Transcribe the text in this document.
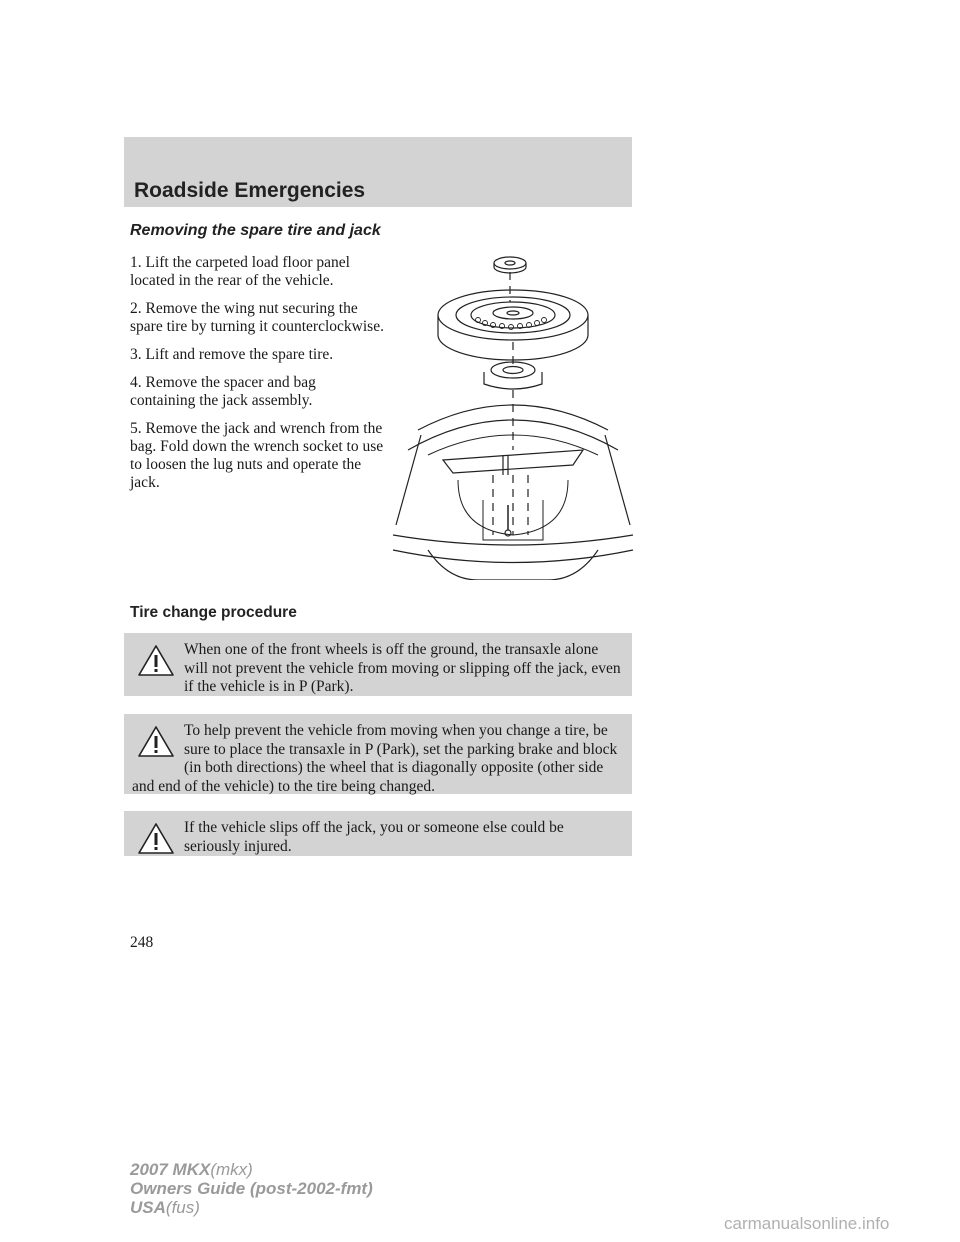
Roadside Emergencies
Removing the spare tire and jack

1. Lift the carpeted load floor panel located in the rear of the vehicle.

2. Remove the wing nut securing the spare tire by turning it counterclockwise.

3. Lift and remove the spare tire.

4. Remove the spacer and bag containing the jack assembly.

5. Remove the jack and wrench from the bag. Fold down the wrench socket to use to loosen the lug nuts and operate the jack.

Tire change procedure
When one of the front wheels is off the ground, the transaxle alone will not prevent the vehicle from moving or slipping off the jack, even if the vehicle is in P (Park).
To help prevent the vehicle from moving when you change a tire, be sure to place the transaxle in P (Park), set the parking brake and block (in both directions) the wheel that is diagonally opposite (other side and end of the vehicle) to the tire being changed.
If the vehicle slips off the jack, you or someone else could be seriously injured.
248
2007 MKX(mkx)
Owners Guide (post-2002-fmt)
USA(fus)
carmanualsonline.info
